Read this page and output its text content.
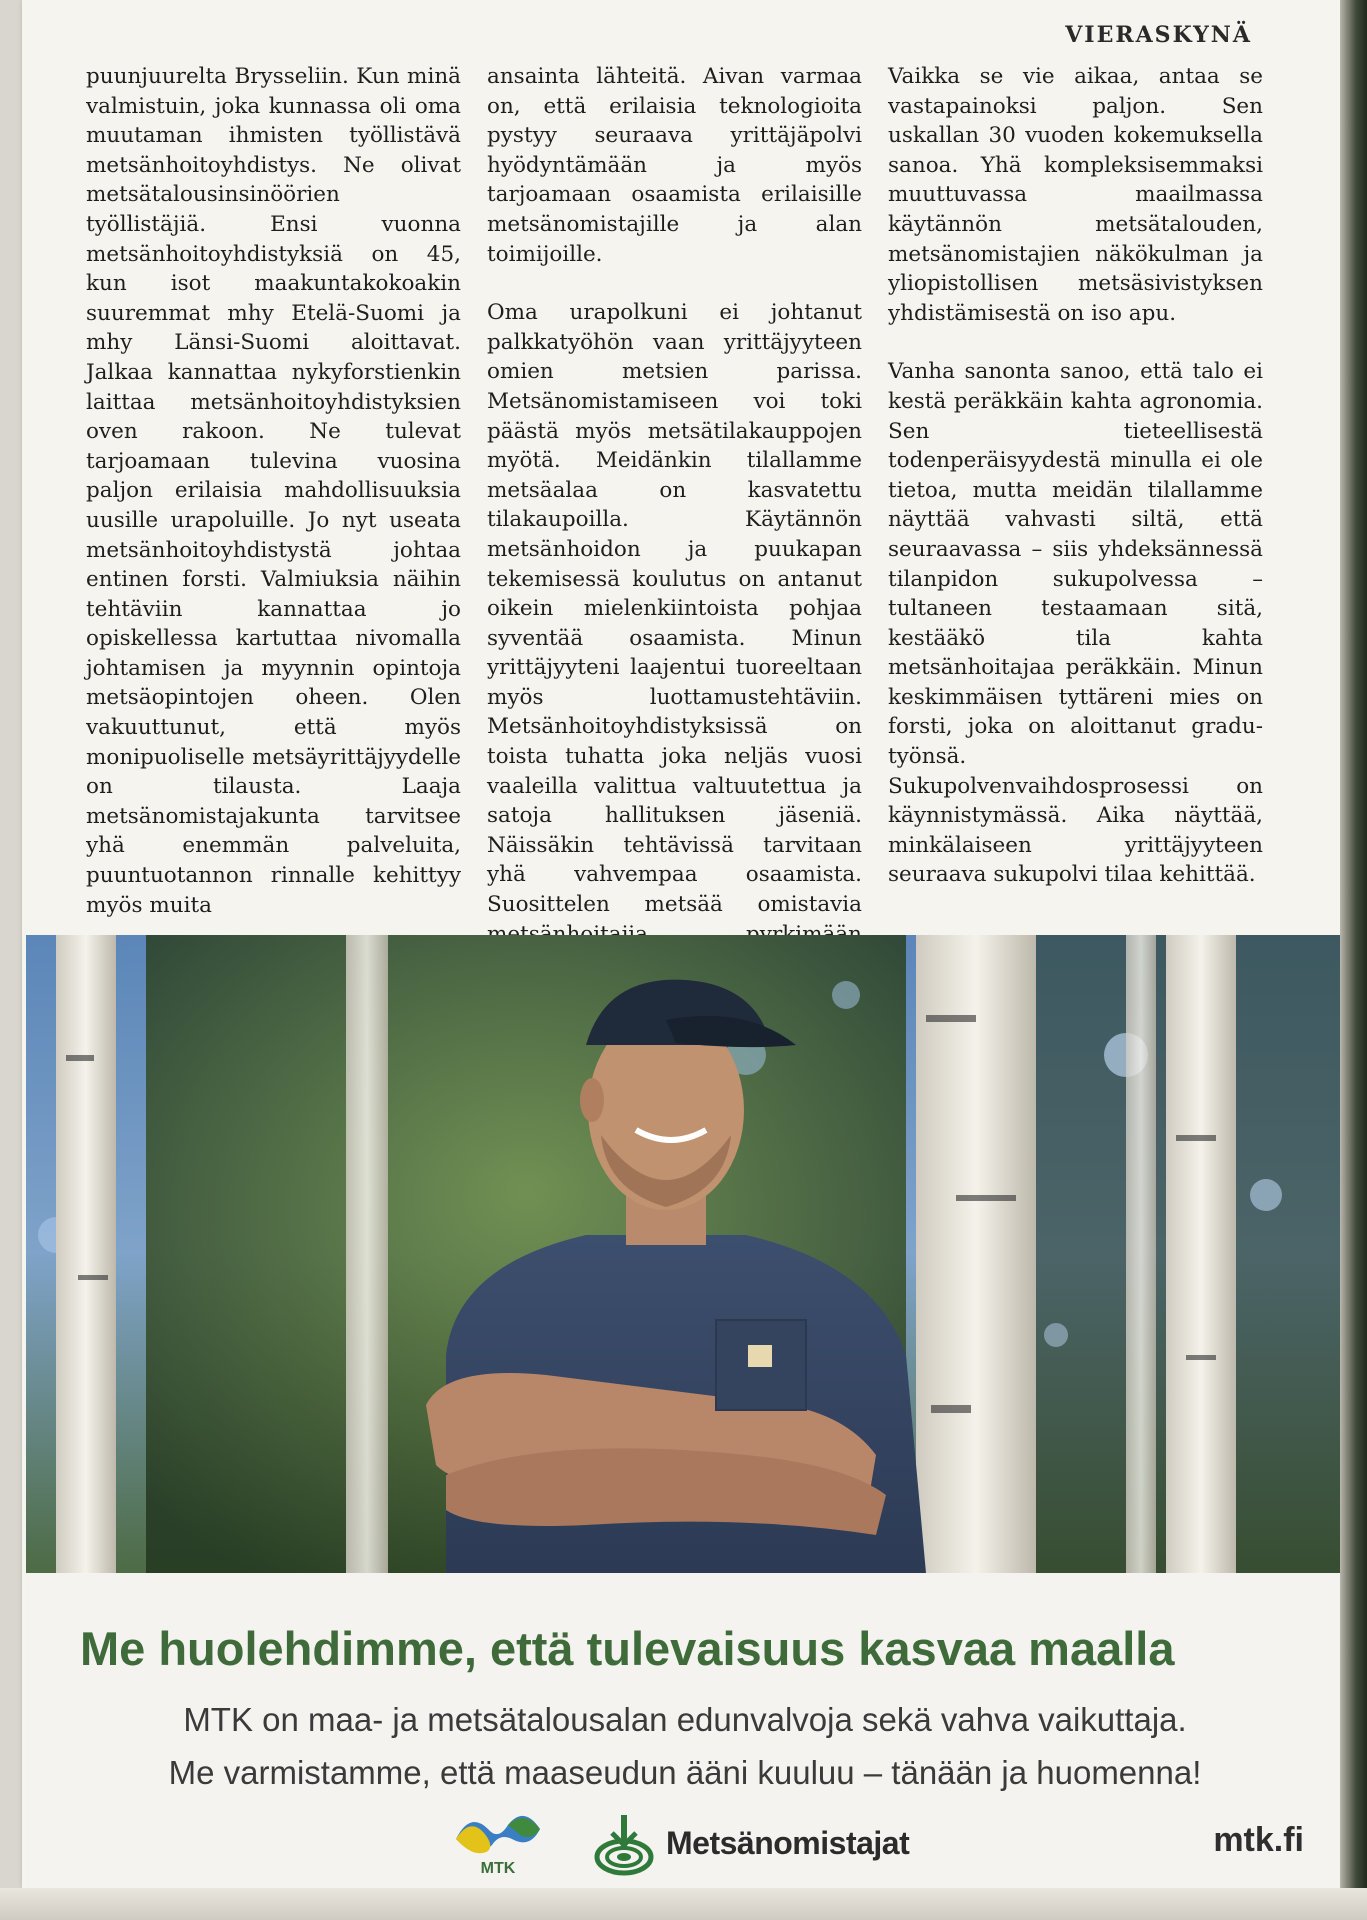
VIERASKYNÄ

puunjuurelta Brysseliin. Kun minä valmistuin, joka kunnassa oli oma muutaman ihmisten työllistävä metsänhoitoyhdistys. Ne olivat metsätalousinsinöörien työllistäjiä. Ensi vuonna metsänhoitoyhdistyksiä on 45, kun isot maakuntakokoakin suuremmat mhy Etelä-Suomi ja mhy Länsi-Suomi aloittavat. Jalkaa kannattaa nykyforstienkin laittaa metsänhoitoyhdistyksien oven rakoon. Ne tulevat tarjoamaan tulevina vuosina paljon erilaisia mahdollisuuksia uusille urapoluille. Jo nyt useata metsänhoitoyhdistystä johtaa entinen forsti. Valmiuksia näihin tehtäviin kannattaa jo opiskellessa kartuttaa nivomalla johtamisen ja myynnin opintoja metsäopintojen oheen. Olen vakuuttunut, että myös monipuoliselle metsäyrittäjyydelle on tilausta. Laaja metsänomistajakunta tarvitsee yhä enemmän palveluita, puuntuotannon rinnalle kehittyy myös muita

ansainta lähteitä. Aivan varmaa on, että erilaisia teknologioita pystyy seuraava yrittäjäpolvi hyödyntämään ja myös tarjoamaan osaamista erilaisille metsänomistajille ja alan toimijoille.

Oma urapolkuni ei johtanut palkkatyöhön vaan yrittäjyyteen omien metsien parissa. Metsänomistamiseen voi toki päästä myös metsätilakauppojen myötä. Meidänkin tilallamme metsäalaa on kasvatettu tilakaupoilla. Käytännön metsänhoidon ja puukapan tekemisessä koulutus on antanut oikein mielenkiintoista pohjaa syventää osaamista. Minun yrittäjyyteni laajentui tuoreeltaan myös luottamustehtäviin. Metsänhoitoyhdistyksissä on toista tuhatta joka neljäs vuosi vaaleilla valittua valtuutettua ja satoja hallituksen jäseniä. Näissäkin tehtävissä tarvitaan yhä vahvempaa osaamista. Suosittelen metsää omistavia

Vaikka se vie aikaa, antaa se vastapainoksi paljon. Sen uskallan 30 vuoden kokemuksella sanoa. Yhä kompleksisemmaksi muuttuvassa maailmassa käytännön metsätalouden, metsänomistajien näkökulman ja yliopistollisen metsäsivistyksen yhdistämisestä on iso apu.

Vanha sanonta sanoo, että talo ei kestä peräkkäin kahta agronomia. Sen tieteellisestä todenperäisyydestä minulla ei ole tietoa, mutta meidän tilallamme näyttää vahvasti siltä, että seuraavassa – siis yhdeksännessä tilanpidon sukupolvessa – tultaneen testaamaan sitä, kestääkö tila kahta metsänhoitajaa peräkkäin. Minun keskimmäisen tyttäreni mies on forsti, joka on aloittanut gradu-työnsä. Sukupolvenvaihdosprosessi on käynnistymässä. Aika näyttää, minkälaiseen yrittäjyyteen seuraava sukupolvi tilaa kehittää.

Me huolehdimme, että tulevaisuus kasvaa maalla
MTK on maa- ja metsätalousalan edunvalvoja sekä vahva vaikuttaja.
Me varmistamme, että maaseudun ääni kuuluu – tänään ja huomenna!
MTK
Metsänomistajat	mtk.fi
